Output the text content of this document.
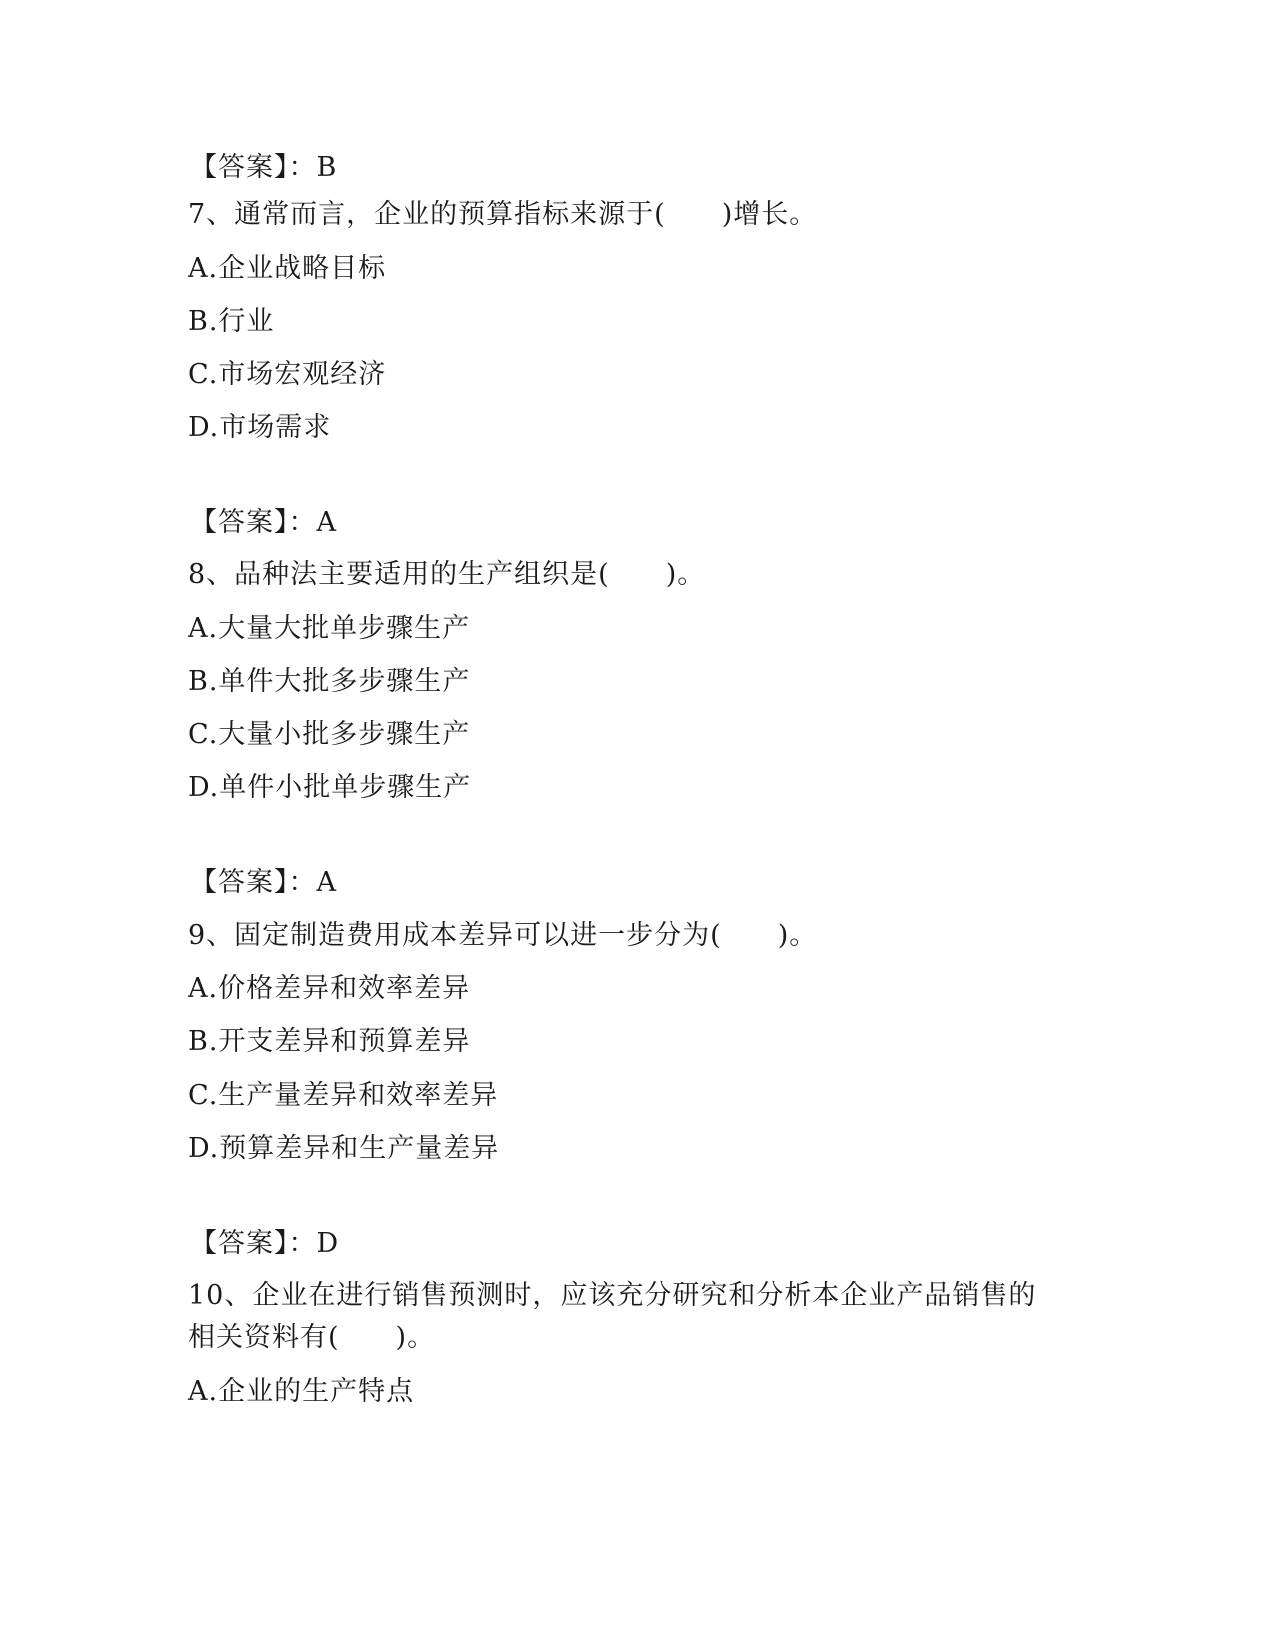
【答案】：B
7、通常而言，企业的预算指标来源于(　　)增长。
A.企业战略目标
B.行业
C.市场宏观经济
D.市场需求
【答案】：A
8、品种法主要适用的生产组织是(　　)。
A.大量大批单步骤生产
B.单件大批多步骤生产
C.大量小批多步骤生产
D.单件小批单步骤生产
【答案】：A
9、固定制造费用成本差异可以进一步分为(　　)。
A.价格差异和效率差异
B.开支差异和预算差异
C.生产量差异和效率差异
D.预算差异和生产量差异
【答案】：D
10、企业在进行销售预测时，应该充分研究和分析本企业产品销售的
相关资料有(　　)。
A.企业的生产特点
